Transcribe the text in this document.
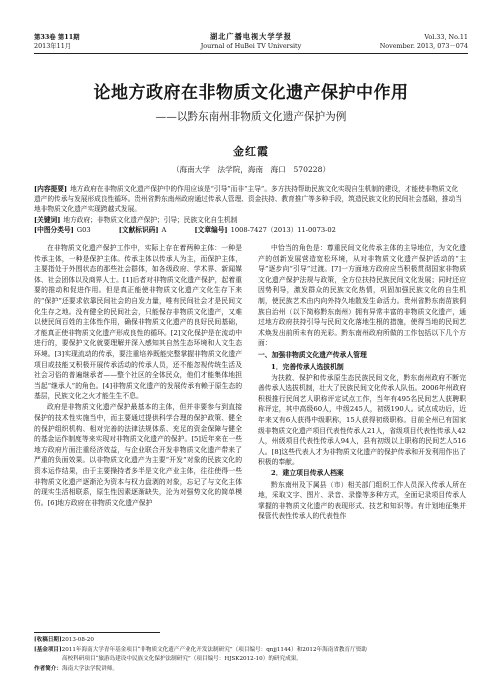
第33卷 第11期
2013年11月
湖北广播电视大学学报
Journal of HuBei TV University
Vol.33, No.11
November. 2013, 073－074
论地方政府在非物质文化遗产保护中作用
——以黔东南州非物质文化遗产保护为例
金红霞
（海南大学　法学院，海南　海口　570228）
[内容提要] 地方政府在非物质文化遗产保护中的作用应该是“引导”而非“主导”。多方扶持帮助民族文化实现自生机制的建设，才能使非物质文化遗产的传承与发展形成良性循环。贵州省黔东南州政府通过传承人管理、资金扶持、教育推广等多种手段，筑造民族文化的民间社会基础，推动当地非物质文化遗产实现跨越式发展。
[关键词] 地方政府；非物质文化遗产保护；引导；民族文化自生机制
[中图分类号] G03	[文献标识码] A	[文章编号] 1008-7427（2013）11-0073-02

在非物质文化遗产保护工作中，实际上存在着两种主体：一种是传承主体，一种是保护主体。传承主体以传承人为主，而保护主体，主要指处于外围状态的那些社会群体，如各级政府、学术界、新闻媒体、社会团体以及商界人士。[1]后者对非物质文化遗产保护，起着重要的推动和促进作用。但是真正能使非物质文化遗产文化生存下来的“保护”还要求依靠民间社会的自发力量，唯有民间社会才是民间文化生存之地。没有健全的民间社会，只能保存非物质文化遗产，又难以使民间百姓的主体性作用，确保非物质文化遗产的良好民间基础，才能真正使非物质文化遗产形成良性的循环。[2]文化保护是在流动中进行的，要保护文化就要理解并深入感知其自然生态环境和人文生态环境。[3]实现流动的传承，要注重培养既能完整掌握非物质文化遗产项目或技能又积极开展传承活动的传承人员，还不能忽视传统生活及社会习俗的普遍继承者——整个社区的全体民众，他们才能集体地担当起“继承人”的角色。[4]非物质文化遗产的发展传承有赖于原生态的基层，民族文化之火才能生生不息。

政府是非物质文化遗产保护最基本的主体，但并非要参与到直接保护的技术性实施当中，而主要通过提供科学合理的保护政策、健全的保护组织机构、相对完善的法律法规体系、充足的资金保障与健全的基金运作制度等来实现对非物质文化遗产的保护。[5]近年来在一些地方政府片面注重经济效益，与企业联合开发非物质文化遗产带来了严重的负面效果。以非物质文化遗产为主要“开发”对象的民族文化的资本运作结果，由于主要操持者多半是文化产业主体，往往使得一些非物质文化遗产逐渐沦为资本与权力盘剥的对象，忘记了与文化主体的现实生活相联系，原生性因素逐渐缺失，沦为对强势文化的简单模仿。[6]地方政府在非物质文化遗产保护

中恰当的角色是：尊重民间文化传承主体的主导地位，为文化遗产的创新发展营造宽松环境，从对非物质文化遗产保护活动的“主导”逐步向“引导”过渡。[7]一方面地方政府应当积极贯彻国家非物质文化遗产保护法规与政策，全方位扶持民族民间文化发展；同时还应因势利导，激发群众的民族文化热情，巩固加强民族文化的自生机制，使民族艺术由内向外持久地散发生命活力。贵州省黔东南苗族侗族自治州（以下简称黔东南州）拥有异常丰富的非物质文化遗产，通过地方政府扶持引导与民间文化落地生根的措施，使得当地的民间艺术焕发出前所未有的光彩。黔东南州政府所做的工作包括以下几个方面：

一、加强非物质文化遗产传承人管理

1．完善传承人选拔机制

为扶救、保护和传承原生态民族民间文化，黔东南州政府不断完善传承人选拔机制，壮大了民族民间文化传承人队伍。2006年州政府积极推行民间艺人职称评定试点工作，当年有495名民间艺人获聘职称评定，其中高级60人，中级245人，初级190人。试点成功后，近年来又有6人获得中级职称，15人获得初级职称。目前全州已有国家级非物质文化遗产项目代表性传承人21人，省级项目代表性传承人42人，州级项目代表性传承人94人，县有初级以上职称的民间艺人516人。[8]这些代表人才为非物质文化遗产的保护传承和开发利用作出了积极的奉献。

2．建立项目传承人档案

黔东南州及下属县（市）相关部门组织工作人员深入传承人所在地，采取文字、图片、录音、录像等多种方式，全面记录项目传承人掌握的非物质文化遗产的表现形式、技艺和知识等。有计划地征集并保管代表性传承人的代表性作

[收稿日期]2013-08-20
[基金项目]2011年海南大学青年基金项目“非物质文化遗产产业化开发法制研究”（项目编号：qnjj1144）和2012年海南省教育厅资助
高校科研项目“旅游岛建设中民族文化保护法制研究”（项目编号：HJSK2012-10）的研究成果。
作者简介：海南大学法学院讲师。
